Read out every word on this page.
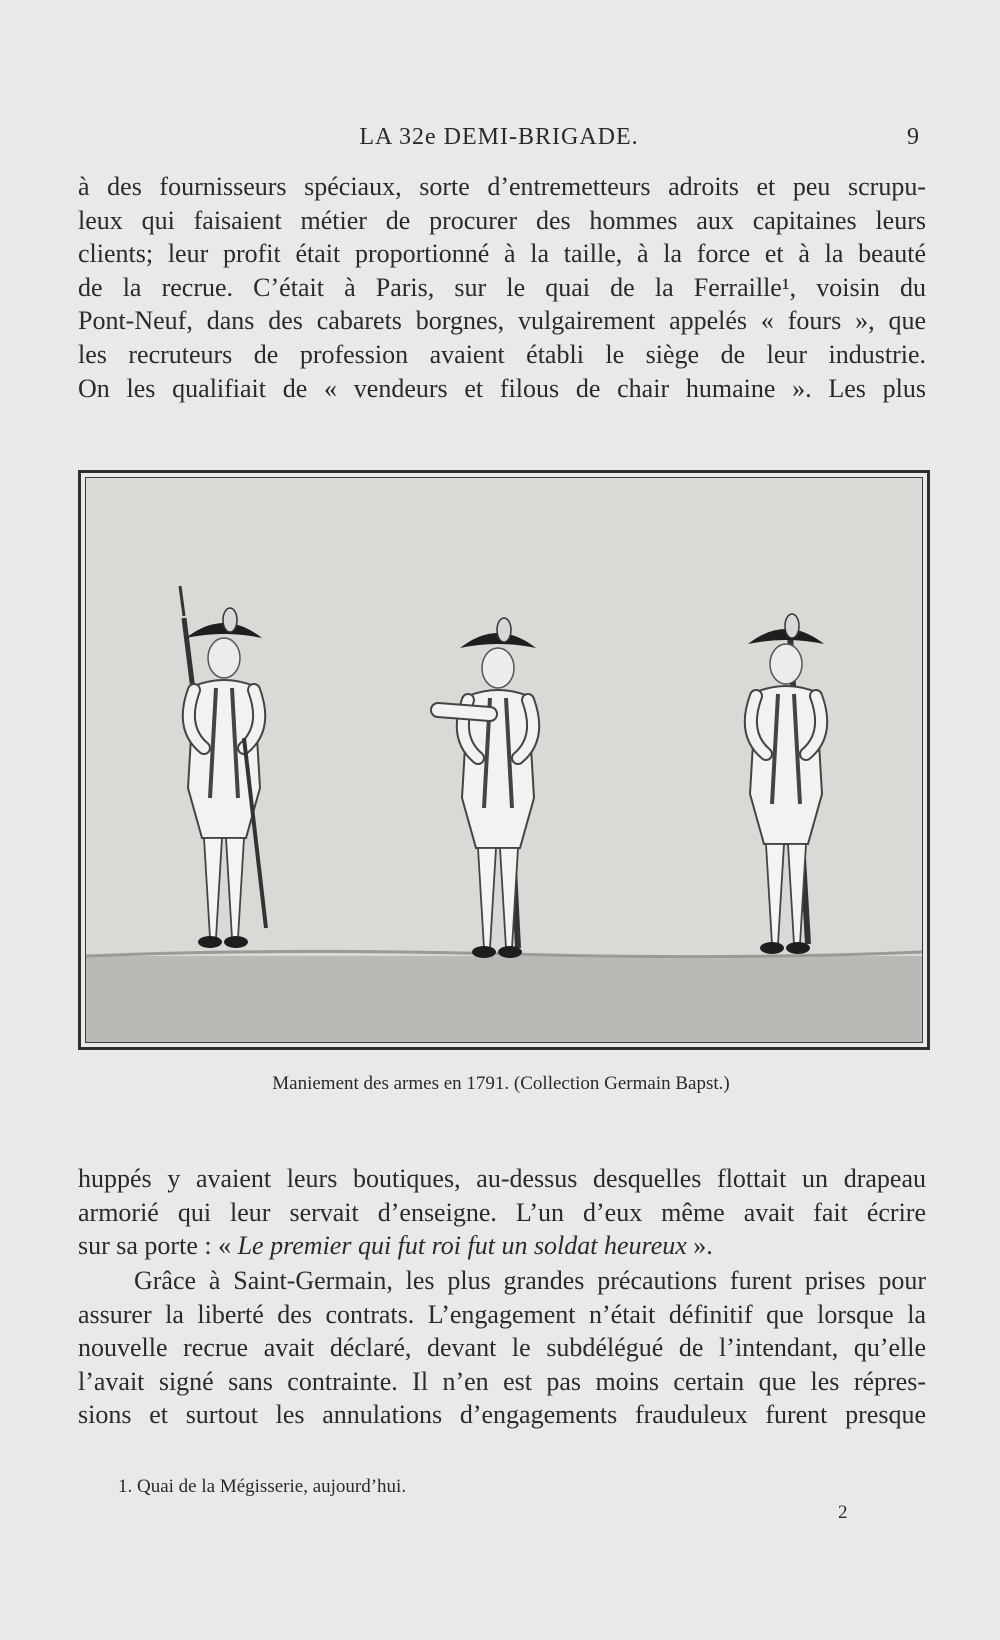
LA 32e DEMI-BRIGADE.	9
à des fournisseurs spéciaux, sorte d’entremetteurs adroits et peu scrupu-
leux qui faisaient métier de procurer des hommes aux capitaines leurs
clients; leur profit était proportionné à la taille, à la force et à la beauté
de la recrue. C’était à Paris, sur le quai de la Ferraille¹, voisin du
Pont-Neuf, dans des cabarets borgnes, vulgairement appelés « fours », que
les recruteurs de profession avaient établi le siège de leur industrie.
On les qualifiait de « vendeurs et filous de chair humaine ». Les plus
Maniement des armes en 1791. (Collection Germain Bapst.)
huppés y avaient leurs boutiques, au-dessus desquelles flottait un drapeau
armorié qui leur servait d’enseigne. L’un d’eux même avait fait écrire
sur sa porte : « Le premier qui fut roi fut un soldat heureux ».
Grâce à Saint-Germain, les plus grandes précautions furent prises pour
assurer la liberté des contrats. L’engagement n’était définitif que lorsque la
nouvelle recrue avait déclaré, devant le subdélégué de l’intendant, qu’elle
l’avait signé sans contrainte. Il n’en est pas moins certain que les répres-
sions et surtout les annulations d’engagements frauduleux furent presque
1. Quai de la Mégisserie, aujourd’hui.
2
